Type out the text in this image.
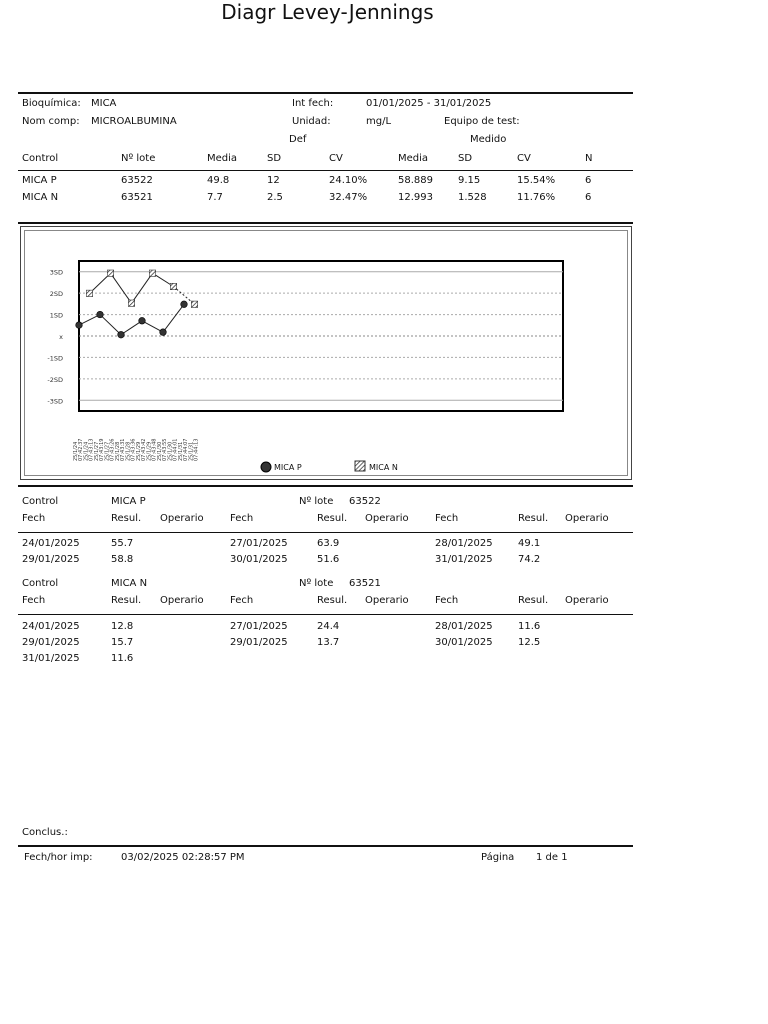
Diagr Levey-Jennings
Bioquímica: MICA	Int fech:	01/01/2025 - 31/01/2025
Nom comp: MICROALBUMINA	Unidad:	mg/L	Equipo de test:
Def	Medido
Control	Nº lote	Media	SD	CV	Media	SD	CV	N
MICA P	63522	49.8	12	24.10%	58.889	9.15	15.54%	6
MICA N	63521	7.7	2.5	32.47%	12.993	1.528	11.76%	6
3SD
2SD
1SD
x
-1SD
-2SD
-3SD
25/1/24 07:42:37 25/1/24 07:43:13 25/1/27 07:43:19 25/1/27 07:43:26 25/1/28 07:43:31 25/1/28 07:43:36 25/1/29 07:43:42 25/1/29 07:43:48 25/1/30 07:43:55 25/1/30 07:44:01 25/1/31 07:44:07 25/1/31 07:44:13
MICA P	MICA N
Control	MICA P	Nº lote 63522
Fech	Resul. Operario	Fech	Resul. Operario	Fech	Resul. Operario
24/01/2025	55.7	27/01/2025	63.9	28/01/2025	49.1
29/01/2025	58.8	30/01/2025	51.6	31/01/2025	74.2
Control	MICA N	Nº lote 63521
Fech	Resul. Operario	Fech	Resul. Operario	Fech	Resul. Operario
24/01/2025	12.8	27/01/2025	24.4	28/01/2025	11.6
29/01/2025	15.7	29/01/2025	13.7	30/01/2025	12.5
31/01/2025	11.6
Conclus.:
Fech/hor imp:	03/02/2025 02:28:57 PM	Página 1 de 1
